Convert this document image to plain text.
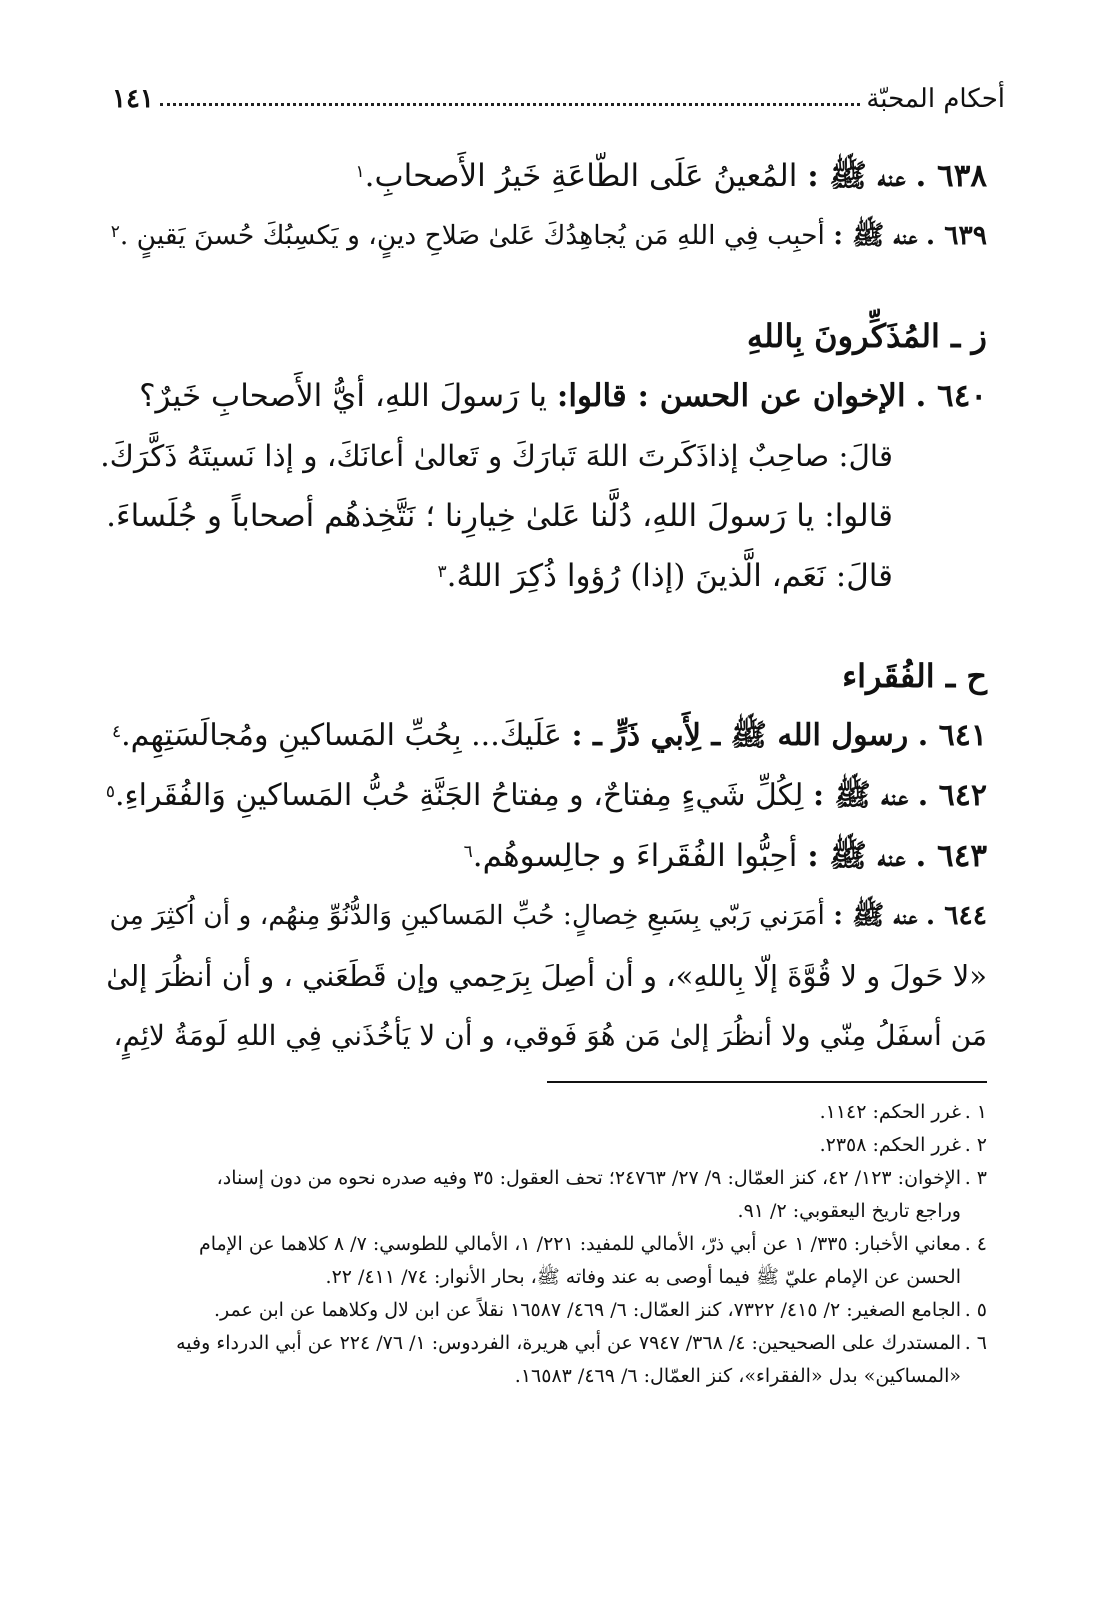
أحكام المحبّة
١٤١
٦٣٨ . عنه ﷺ : المُعينُ عَلَى الطّاعَةِ خَيرُ الأَصحابِ.$^١$
٦٣٩ . عنه ﷺ : أحبِب فِي اللهِ مَن يُجاهِدُكَ عَلىٰ صَلاحِ دينٍ، و يَكسِبُكَ حُسنَ يَقينٍ .$^٢$
ز ـ المُذَكِّرونَ بِاللهِ
٦٤٠ . الإخوان عن الحسن : قالوا: يا رَسولَ اللهِ، أيُّ الأَصحابِ خَيرٌ؟
قالَ: صاحِبٌ إذاذَكَرتَ اللهَ تَبارَكَ و تَعالىٰ أعانَكَ، و إذا نَسيتَهُ ذَكَّرَكَ.
قالوا: يا رَسولَ اللهِ، دُلَّنا عَلىٰ خِيارِنا ؛ نَتَّخِذهُم أصحاباً و جُلَساءَ.
قالَ: نَعَم، الَّذينَ (إذا) رُؤوا ذُكِرَ اللهُ.$^٣$
ح ـ الفُقَراء
٦٤١ . رسول الله ﷺ ـ لِأَبي ذَرٍّ ـ : عَلَيكَ... بِحُبِّ المَساكينِ ومُجالَسَتِهِم.$^٤$
٦٤٢ . عنه ﷺ : لِكُلِّ شَيءٍ مِفتاحٌ، و مِفتاحُ الجَنَّةِ حُبُّ المَساكينِ وَالفُقَراءِ.$^٥$
٦٤٣ . عنه ﷺ : أحِبُّوا الفُقَراءَ و جالِسوهُم.$^٦$
٦٤٤ . عنه ﷺ : أمَرَني رَبّي بِسَبعِ خِصالٍ: حُبِّ المَساكينِ وَالدُّنُوِّ مِنهُم، و أن اُكثِرَ مِن
«لا حَولَ و لا قُوَّةَ إلّا بِاللهِ»، و أن أصِلَ بِرَحِمي وإن قَطَعَني ، و أن أنظُرَ إلىٰ
مَن أسفَلُ مِنّي ولا أنظُرَ إلىٰ مَن هُوَ فَوقي، و أن لا يَأخُذَني فِي اللهِ لَومَةُ لائِمٍ،
١ .
غرر الحكم: ١١٤٢.
٢ .
غرر الحكم: ٢٣٥٨.
٣ .
الإخوان: ١٢٣/ ٤٢، كنز العمّال: ٩/ ٢٧/ ٢٤٧٦٣؛ تحف العقول: ٣٥ وفيه صدره نحوه من دون إسناد،
وراجع تاريخ اليعقوبي: ٢/ ٩١.
٤ .
معاني الأخبار: ٣٣٥/ ١ عن أبي ذرّ، الأمالي للمفيد: ٢٢١/ ١، الأمالي للطوسي: ٧/ ٨ كلاهما عن الإمام
الحسن عن الإمام عليّ ﷺ فيما أوصى به عند وفاته ﷺ، بحار الأنوار: ٧٤/ ٤١١/ ٢٢.
٥ .
الجامع الصغير: ٢/ ٤١٥/ ٧٣٢٢، كنز العمّال: ٦/ ٤٦٩/ ١٦٥٨٧ نقلاً عن ابن لال وكلاهما عن ابن عمر.
٦ .
المستدرك على الصحيحين: ٤/ ٣٦٨/ ٧٩٤٧ عن أبي هريرة، الفردوس: ١/ ٧٦/ ٢٢٤ عن أبي الدرداء وفيه
«المساكين» بدل «الفقراء»، كنز العمّال: ٦/ ٤٦٩/ ١٦٥٨٣.
